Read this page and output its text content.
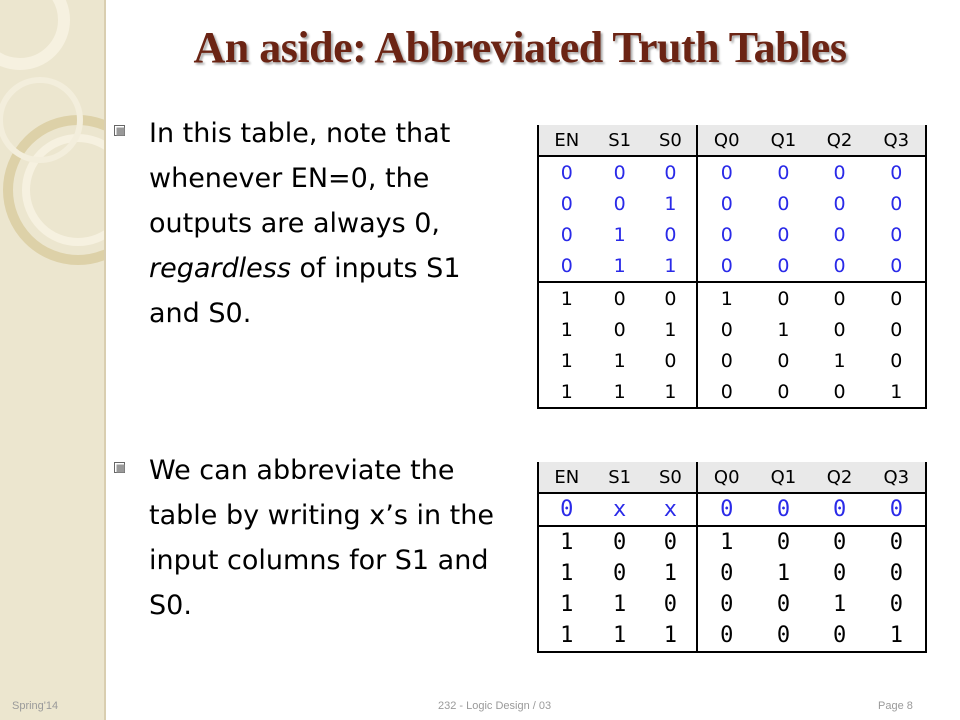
An aside: Abbreviated Truth Tables
In this table, note that whenever EN=0, the outputs are always 0, regardless of inputs S1 and S0.
We can abbreviate the table by writing x’s in the input columns for S1 and S0.
EN	S1	S0	Q0	Q1	Q2	Q3
0	0	0	0	0	0	0
0	0	1	0	0	0	0
0	1	0	0	0	0	0
0	1	1	0	0	0	0
1	0	0	1	0	0	0
1	0	1	0	1	0	0
1	1	0	0	0	1	0
1	1	1	0	0	0	1
EN	S1	S0	Q0	Q1	Q2	Q3
0	x	x	0	0	0	0
1	0	0	1	0	0	0
1	0	1	0	1	0	0
1	1	0	0	0	1	0
1	1	1	0	0	0	1
Spring'14	232 - Logic Design / 03	Page 8
